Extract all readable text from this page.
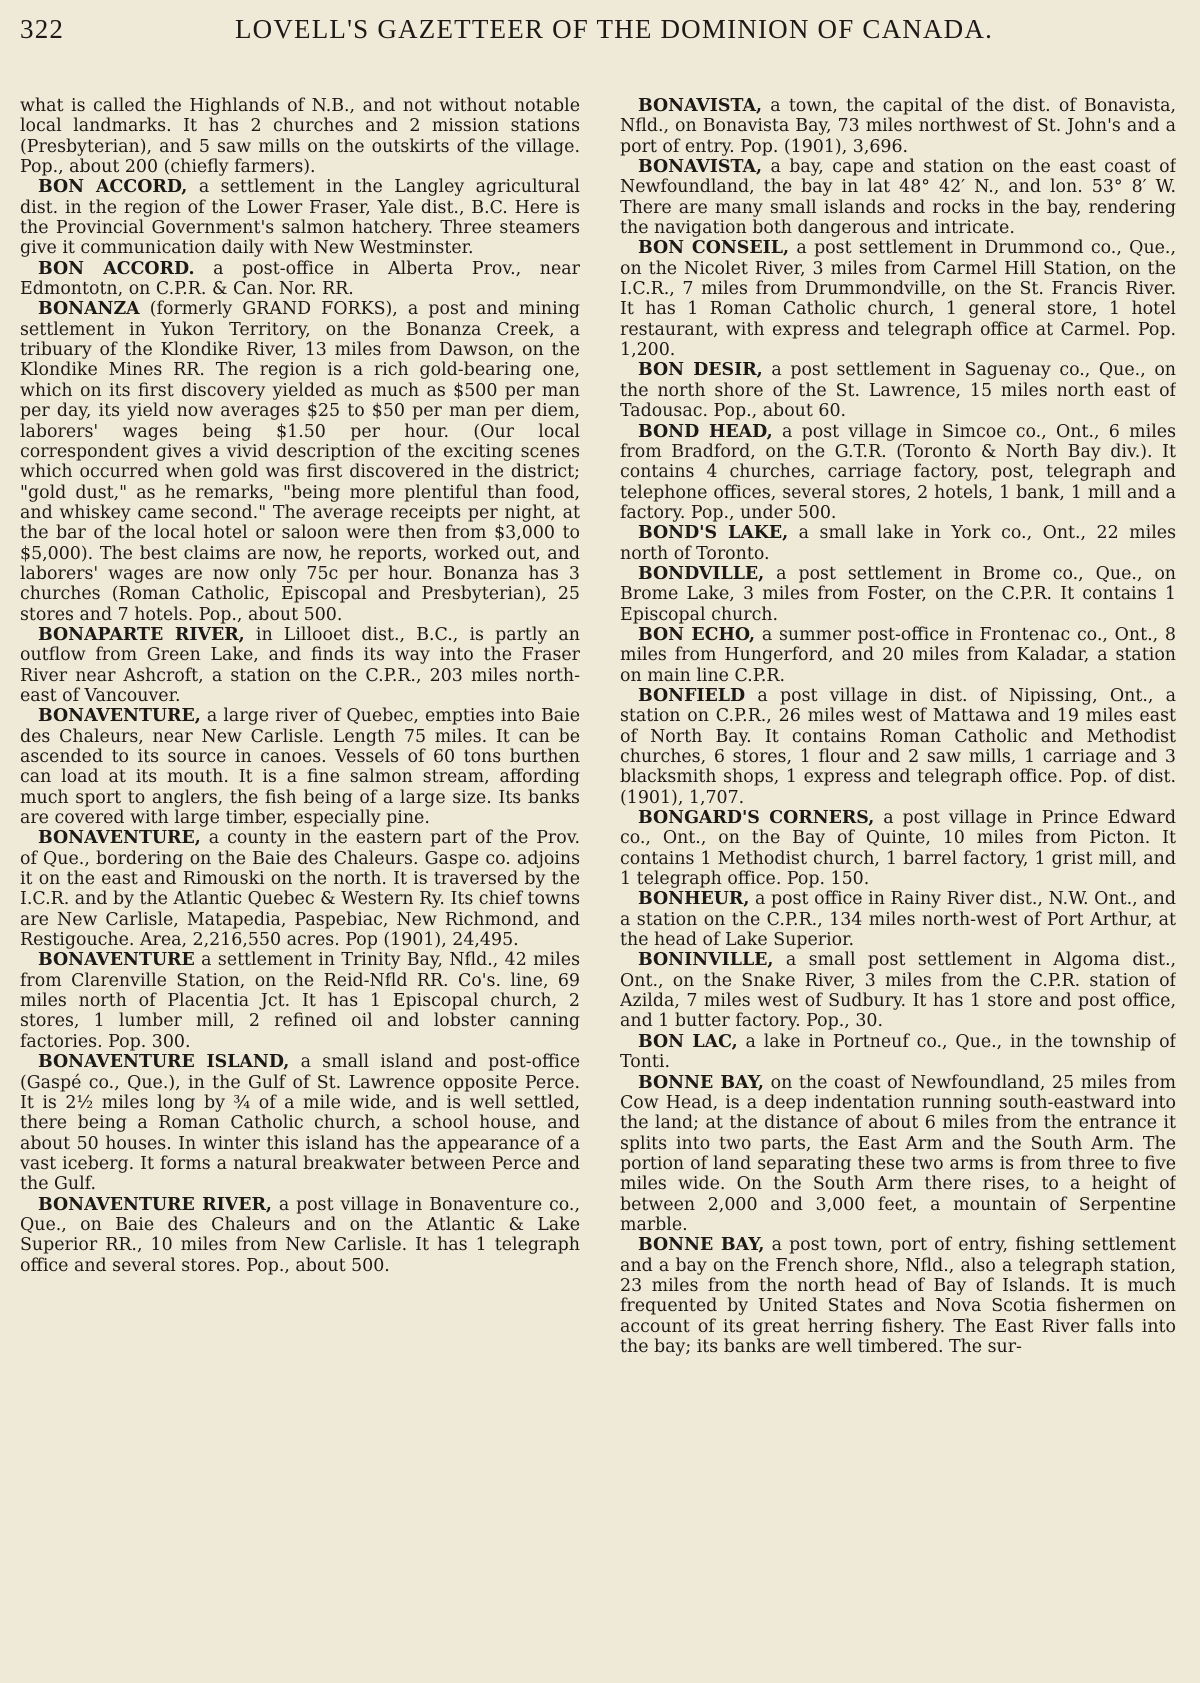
322	LOVELL'S GAZETTEER OF THE DOMINION OF CANADA.

what is called the Highlands of N.B., and not without notable local landmarks. It has 2 churches and 2 mission stations (Presbyterian), and 5 saw mills on the outskirts of the village. Pop., about 200 (chiefly farmers).

BON ACCORD, a settlement in the Langley agricultural dist. in the region of the Lower Fraser, Yale dist., B.C. Here is the Provincial Government's salmon hatchery. Three steamers give it communication daily with New Westminster.

BON ACCORD. a post-office in Alberta Prov., near Edmontotn, on C.P.R. & Can. Nor. RR.

BONANZA (formerly GRAND FORKS), a post and mining settlement in Yukon Territory, on the Bonanza Creek, a tribuary of the Klondike River, 13 miles from Dawson, on the Klondike Mines RR. The region is a rich gold-bearing one, which on its first discovery yielded as much as $500 per man per day, its yield now averages $25 to $50 per man per diem, laborers' wages being $1.50 per hour. (Our local correspondent gives a vivid description of the exciting scenes which occurred when gold was first discovered in the district; "gold dust," as he remarks, "being more plentiful than food, and whiskey came second." The average receipts per night, at the bar of the local hotel or saloon were then from $3,000 to $5,000). The best claims are now, he reports, worked out, and laborers' wages are now only 75c per hour. Bonanza has 3 churches (Roman Catholic, Episcopal and Presbyterian), 25 stores and 7 hotels. Pop., about 500.

BONAPARTE RIVER, in Lillooet dist., B.C., is partly an outflow from Green Lake, and finds its way into the Fraser River near Ashcroft, a station on the C.P.R., 203 miles north-east of Vancouver.

BONAVENTURE, a large river of Quebec, empties into Baie des Chaleurs, near New Carlisle. Length 75 miles. It can be ascended to its source in canoes. Vessels of 60 tons burthen can load at its mouth. It is a fine salmon stream, affording much sport to anglers, the fish being of a large size. Its banks are covered with large timber, especially pine.

BONAVENTURE, a county in the eastern part of the Prov. of Que., bordering on the Baie des Chaleurs. Gaspe co. adjoins it on the east and Rimouski on the north. It is traversed by the I.C.R. and by the Atlantic Quebec & Western Ry. Its chief towns are New Carlisle, Matapedia, Paspebiac, New Richmond, and Restigouche. Area, 2,216,550 acres. Pop (1901), 24,495.

BONAVENTURE a settlement in Trinity Bay, Nfld., 42 miles from Clarenville Station, on the Reid-Nfld RR. Co's. line, 69 miles north of Placentia Jct. It has 1 Episcopal church, 2 stores, 1 lumber mill, 2 refined oil and lobster canning factories. Pop. 300.

BONAVENTURE ISLAND, a small island and post-office (Gaspé co., Que.), in the Gulf of St. Lawrence opposite Perce. It is 2½ miles long by ¾ of a mile wide, and is well settled, there being a Roman Catholic church, a school house, and about 50 houses. In winter this island has the appearance of a vast iceberg. It forms a natural breakwater between Perce and the Gulf.

BONAVENTURE RIVER, a post village in Bonaventure co., Que., on Baie des Chaleurs and on the Atlantic & Lake Superior RR., 10 miles from New Carlisle. It has 1 telegraph office and several stores. Pop., about 500.

BONAVISTA, a town, the capital of the dist. of Bonavista, Nfld., on Bonavista Bay, 73 miles northwest of St. John's and a port of entry. Pop. (1901), 3,696.

BONAVISTA, a bay, cape and station on the east coast of Newfoundland, the bay in lat 48° 42′ N., and lon. 53° 8′ W. There are many small islands and rocks in the bay, rendering the navigation both dangerous and intricate.

BON CONSEIL, a post settlement in Drummond co., Que., on the Nicolet River, 3 miles from Carmel Hill Station, on the I.C.R., 7 miles from Drummondville, on the St. Francis River. It has 1 Roman Catholic church, 1 general store, 1 hotel restaurant, with express and telegraph office at Carmel. Pop. 1,200.

BON DESIR, a post settlement in Saguenay co., Que., on the north shore of the St. Lawrence, 15 miles north east of Tadousac. Pop., about 60.

BOND HEAD, a post village in Simcoe co., Ont., 6 miles from Bradford, on the G.T.R. (Toronto & North Bay div.). It contains 4 churches, carriage factory, post, telegraph and telephone offices, several stores, 2 hotels, 1 bank, 1 mill and a factory. Pop., under 500.

BOND'S LAKE, a small lake in York co., Ont., 22 miles north of Toronto.

BONDVILLE, a post settlement in Brome co., Que., on Brome Lake, 3 miles from Foster, on the C.P.R. It contains 1 Episcopal church.

BON ECHO, a summer post-office in Frontenac co., Ont., 8 miles from Hungerford, and 20 miles from Kaladar, a station on main line C.P.R.

BONFIELD a post village in dist. of Nipissing, Ont., a station on C.P.R., 26 miles west of Mattawa and 19 miles east of North Bay. It contains Roman Catholic and Methodist churches, 6 stores, 1 flour and 2 saw mills, 1 carriage and 3 blacksmith shops, 1 express and telegraph office. Pop. of dist. (1901), 1,707.

BONGARD'S CORNERS, a post village in Prince Edward co., Ont., on the Bay of Quinte, 10 miles from Picton. It contains 1 Methodist church, 1 barrel factory, 1 grist mill, and 1 telegraph office. Pop. 150.

BONHEUR, a post office in Rainy River dist., N.W. Ont., and a station on the C.P.R., 134 miles north-west of Port Arthur, at the head of Lake Superior.

BONINVILLE, a small post settlement in Algoma dist., Ont., on the Snake River, 3 miles from the C.P.R. station of Azilda, 7 miles west of Sudbury. It has 1 store and post office, and 1 butter factory. Pop., 30.

BON LAC, a lake in Portneuf co., Que., in the township of Tonti.

BONNE BAY, on the coast of Newfoundland, 25 miles from Cow Head, is a deep indentation running south-eastward into the land; at the distance of about 6 miles from the entrance it splits into two parts, the East Arm and the South Arm. The portion of land separating these two arms is from three to five miles wide. On the South Arm there rises, to a height of between 2,000 and 3,000 feet, a mountain of Serpentine marble.

BONNE BAY, a post town, port of entry, fishing settlement and a bay on the French shore, Nfld., also a telegraph station, 23 miles from the north head of Bay of Islands. It is much frequented by United States and Nova Scotia fishermen on account of its great herring fishery. The East River falls into the bay; its banks are well timbered. The sur-
